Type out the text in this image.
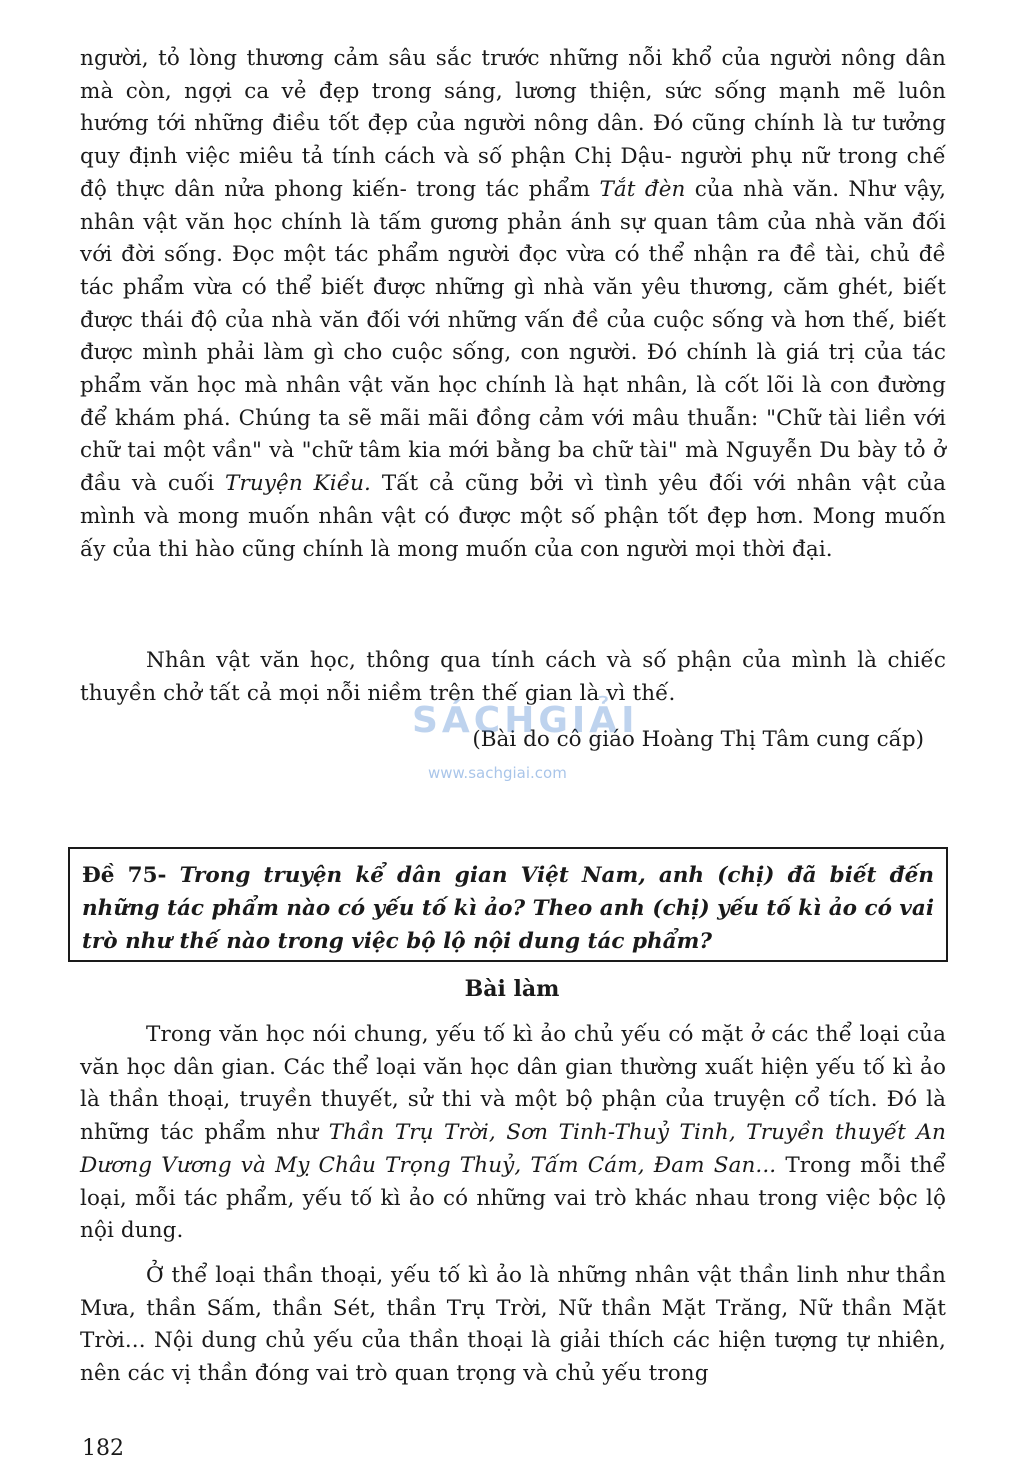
người, tỏ lòng thương cảm sâu sắc trước những nỗi khổ của người nông dân mà còn, ngợi ca vẻ đẹp trong sáng, lương thiện, sức sống mạnh mẽ luôn hướng tới những điều tốt đẹp của người nông dân. Đó cũng chính là tư tưởng quy định việc miêu tả tính cách và số phận Chị Dậu- người phụ nữ trong chế độ thực dân nửa phong kiến- trong tác phẩm Tắt đèn của nhà văn. Như vậy, nhân vật văn học chính là tấm gương phản ánh sự quan tâm của nhà văn đối với đời sống. Đọc một tác phẩm người đọc vừa có thể nhận ra đề tài, chủ đề tác phẩm vừa có thể biết được những gì nhà văn yêu thương, căm ghét, biết được thái độ của nhà văn đối với những vấn đề của cuộc sống và hơn thế, biết được mình phải làm gì cho cuộc sống, con người. Đó chính là giá trị của tác phẩm văn học mà nhân vật văn học chính là hạt nhân, là cốt lõi là con đường để khám phá. Chúng ta sẽ mãi mãi đồng cảm với mâu thuẫn: "Chữ tài liền với chữ tai một vần" và "chữ tâm kia mới bằng ba chữ tài" mà Nguyễn Du bày tỏ ở đầu và cuối Truyện Kiều. Tất cả cũng bởi vì tình yêu đối với nhân vật của mình và mong muốn nhân vật có được một số phận tốt đẹp hơn. Mong muốn ấy của thi hào cũng chính là mong muốn của con người mọi thời đại.
Nhân vật văn học, thông qua tính cách và số phận của mình là chiếc thuyền chở tất cả mọi nỗi niềm trên thế gian là vì thế.
(Bài do cô giáo Hoàng Thị Tâm cung cấp)
SÁCHGIẢI
www.sachgiai.com
Đề 75- Trong truyện kể dân gian Việt Nam, anh (chị) đã biết đến những tác phẩm nào có yếu tố kì ảo? Theo anh (chị) yếu tố kì ảo có vai trò như thế nào trong việc bộ lộ nội dung tác phẩm?
Bài làm
Trong văn học nói chung, yếu tố kì ảo chủ yếu có mặt ở các thể loại của văn học dân gian. Các thể loại văn học dân gian thường xuất hiện yếu tố kì ảo là thần thoại, truyền thuyết, sử thi và một bộ phận của truyện cổ tích. Đó là những tác phẩm như Thần Trụ Trời, Sơn Tinh-Thuỷ Tinh, Truyền thuyết An Dương Vương và Mỵ Châu Trọng Thuỷ, Tấm Cám, Đam San... Trong mỗi thể loại, mỗi tác phẩm, yếu tố kì ảo có những vai trò khác nhau trong việc bộc lộ nội dung.
Ở thể loại thần thoại, yếu tố kì ảo là những nhân vật thần linh như thần Mưa, thần Sấm, thần Sét, thần Trụ Trời, Nữ thần Mặt Trăng, Nữ thần Mặt Trời... Nội dung chủ yếu của thần thoại là giải thích các hiện tượng tự nhiên, nên các vị thần đóng vai trò quan trọng và chủ yếu trong
182
